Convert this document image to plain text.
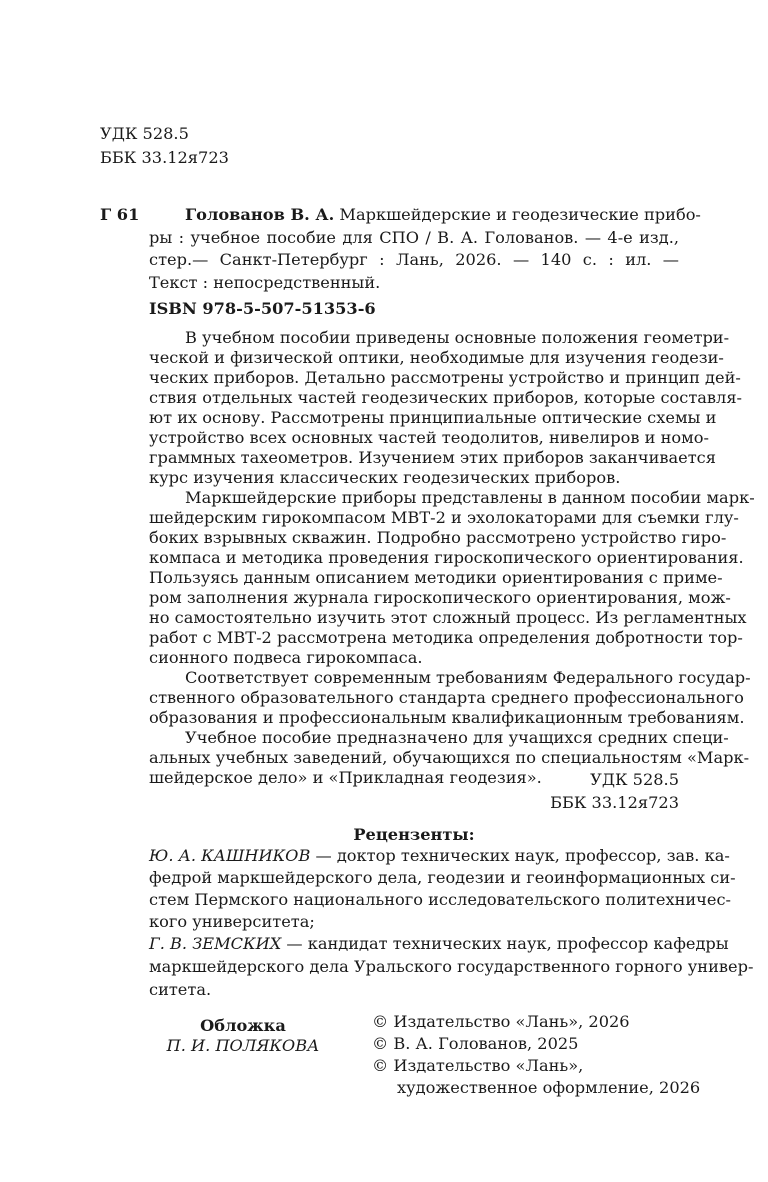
УДК 528.5
ББК 33.12я723
Г 61	Голованов В. А. Маркшейдерские и геодезические прибо-
ры : учебное пособие для СПО / В. А. Голованов. — 4-е изд.,
стер.— Санкт-Петербург : Лань, 2026. — 140 с. : ил. —
Текст : непосредственный.
ISBN 978-5-507-51353-6
В учебном пособии приведены основные положения геометри-
ческой и физической оптики, необходимые для изучения геодези-
ческих приборов. Детально рассмотрены устройство и принцип дей-
ствия отдельных частей геодезических приборов, которые составля-
ют их основу. Рассмотрены принципиальные оптические схемы и
устройство всех основных частей теодолитов, нивелиров и номо-
граммных тахеометров. Изучением этих приборов заканчивается
курс изучения классических геодезических приборов.
Маркшейдерские приборы представлены в данном пособии марк-
шейдерским гирокомпасом МВТ-2 и эхолокаторами для съемки глу-
боких взрывных скважин. Подробно рассмотрено устройство гиро-
компаса и методика проведения гироскопического ориентирования.
Пользуясь данным описанием методики ориентирования с приме-
ром заполнения журнала гироскопического ориентирования, мож-
но самостоятельно изучить этот сложный процесс. Из регламентных
работ с МВТ-2 рассмотрена методика определения добротности тор-
сионного подвеса гирокомпаса.
Соответствует современным требованиям Федерального государ-
ственного образовательного стандарта среднего профессионального
образования и профессиональным квалификационным требованиям.
Учебное пособие предназначено для учащихся средних специ-
альных учебных заведений, обучающихся по специальностям «Марк-
шейдерское дело» и «Прикладная геодезия».	УДК 528.5
ББК 33.12я723
Рецензенты:
Ю. А. КАШНИКОВ — доктор технических наук, профессор, зав. ка-
федрой маркшейдерского дела, геодезии и геоинформационных си-
стем Пермского национального исследовательского политехничес-
кого университета;
Г. В. ЗЕМСКИХ — кандидат технических наук, профессор кафедры
маркшейдерского дела Уральского государственного горного универ-
ситета.
Обложка
П. И. ПОЛЯКОВА
© Издательство «Лань», 2026
© В. А. Голованов, 2025
© Издательство «Лань»,
художественное оформление, 2026
